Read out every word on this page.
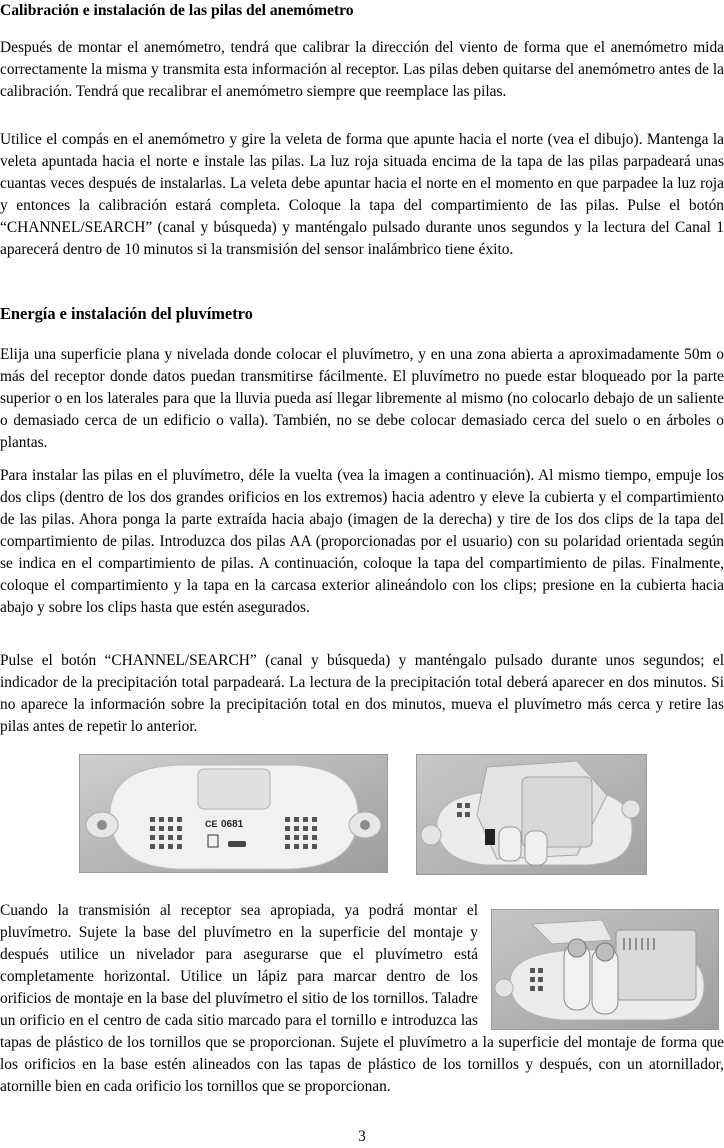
Calibración e instalación de las pilas del anemómetro

Después de montar el anemómetro, tendrá que calibrar la dirección del viento de forma que el anemómetro mida correctamente la misma y transmita esta información al receptor. Las pilas deben quitarse del anemómetro antes de la calibración. Tendrá que recalibrar el anemómetro siempre que reemplace las pilas.

Utilice el compás en el anemómetro y gire la veleta de forma que apunte hacia el norte (vea el dibujo). Mantenga la veleta apuntada hacia el norte e instale las pilas. La luz roja situada encima de la tapa de las pilas parpadeará unas cuantas veces después de instalarlas. La veleta debe apuntar hacia el norte en el momento en que parpadee la luz roja y entonces la calibración estará completa. Coloque la tapa del compartimiento de las pilas. Pulse el botón “CHANNEL/SEARCH” (canal y búsqueda) y manténgalo pulsado durante unos segundos y la lectura del Canal 1 aparecerá dentro de 10 minutos si la transmisión del sensor inalámbrico tiene éxito.

Energía e instalación del pluvímetro

Elija una superficie plana y nivelada donde colocar el pluvímetro, y en una zona abierta a aproximadamente 50m o más del receptor donde datos puedan transmitirse fácilmente. El pluvímetro no puede estar bloqueado por la parte superior o en los laterales para que la lluvia pueda así llegar libremente al mismo (no colocarlo debajo de un saliente o demasiado cerca de un edificio o valla). También, no se debe colocar demasiado cerca del suelo o en árboles o plantas.

Para instalar las pilas en el pluvímetro, déle la vuelta (vea la imagen a continuación). Al mismo tiempo, empuje los dos clips (dentro de los dos grandes orificios en los extremos) hacia adentro y eleve la cubierta y el compartimiento de las pilas. Ahora ponga la parte extraída hacia abajo (imagen de la derecha) y tire de los dos clips de la tapa del compartimiento de pilas. Introduzca dos pilas AA (proporcionadas por el usuario) con su polaridad orientada según se indica en el compartimiento de pilas. A continuación, coloque la tapa del compartimiento de pilas. Finalmente, coloque el compartimiento y la tapa en la carcasa exterior alineándolo con los clips; presione en la cubierta hacia abajo y sobre los clips hasta que estén asegurados.

Pulse el botón “CHANNEL/SEARCH” (canal y búsqueda) y manténgalo pulsado durante unos segundos; el indicador de la precipitación total parpadeará. La lectura de la precipitación total deberá aparecer en dos minutos. Si no aparece la información sobre la precipitación total en dos minutos, mueva el pluvímetro más cerca y retire las pilas antes de repetir lo anterior.

CE 0681

Cuando la transmisión al receptor sea apropiada, ya podrá montar el pluvímetro. Sujete la base del pluvímetro en la superficie del montaje y después utilice un nivelador para asegurarse que el pluvímetro está completamente horizontal. Utilice un lápiz para marcar dentro de los orificios de montaje en la base del pluvímetro el sitio de los tornillos. Taladre un orificio en el centro de cada sitio marcado para el tornillo e introduzca las tapas de plástico de los tornillos que se proporcionan. Sujete el pluvímetro a la superficie del montaje de forma que los orificios en la base estén alineados con las tapas de plástico de los tornillos y después, con un atornillador, atornille bien en cada orificio los tornillos que se proporcionan.

3
